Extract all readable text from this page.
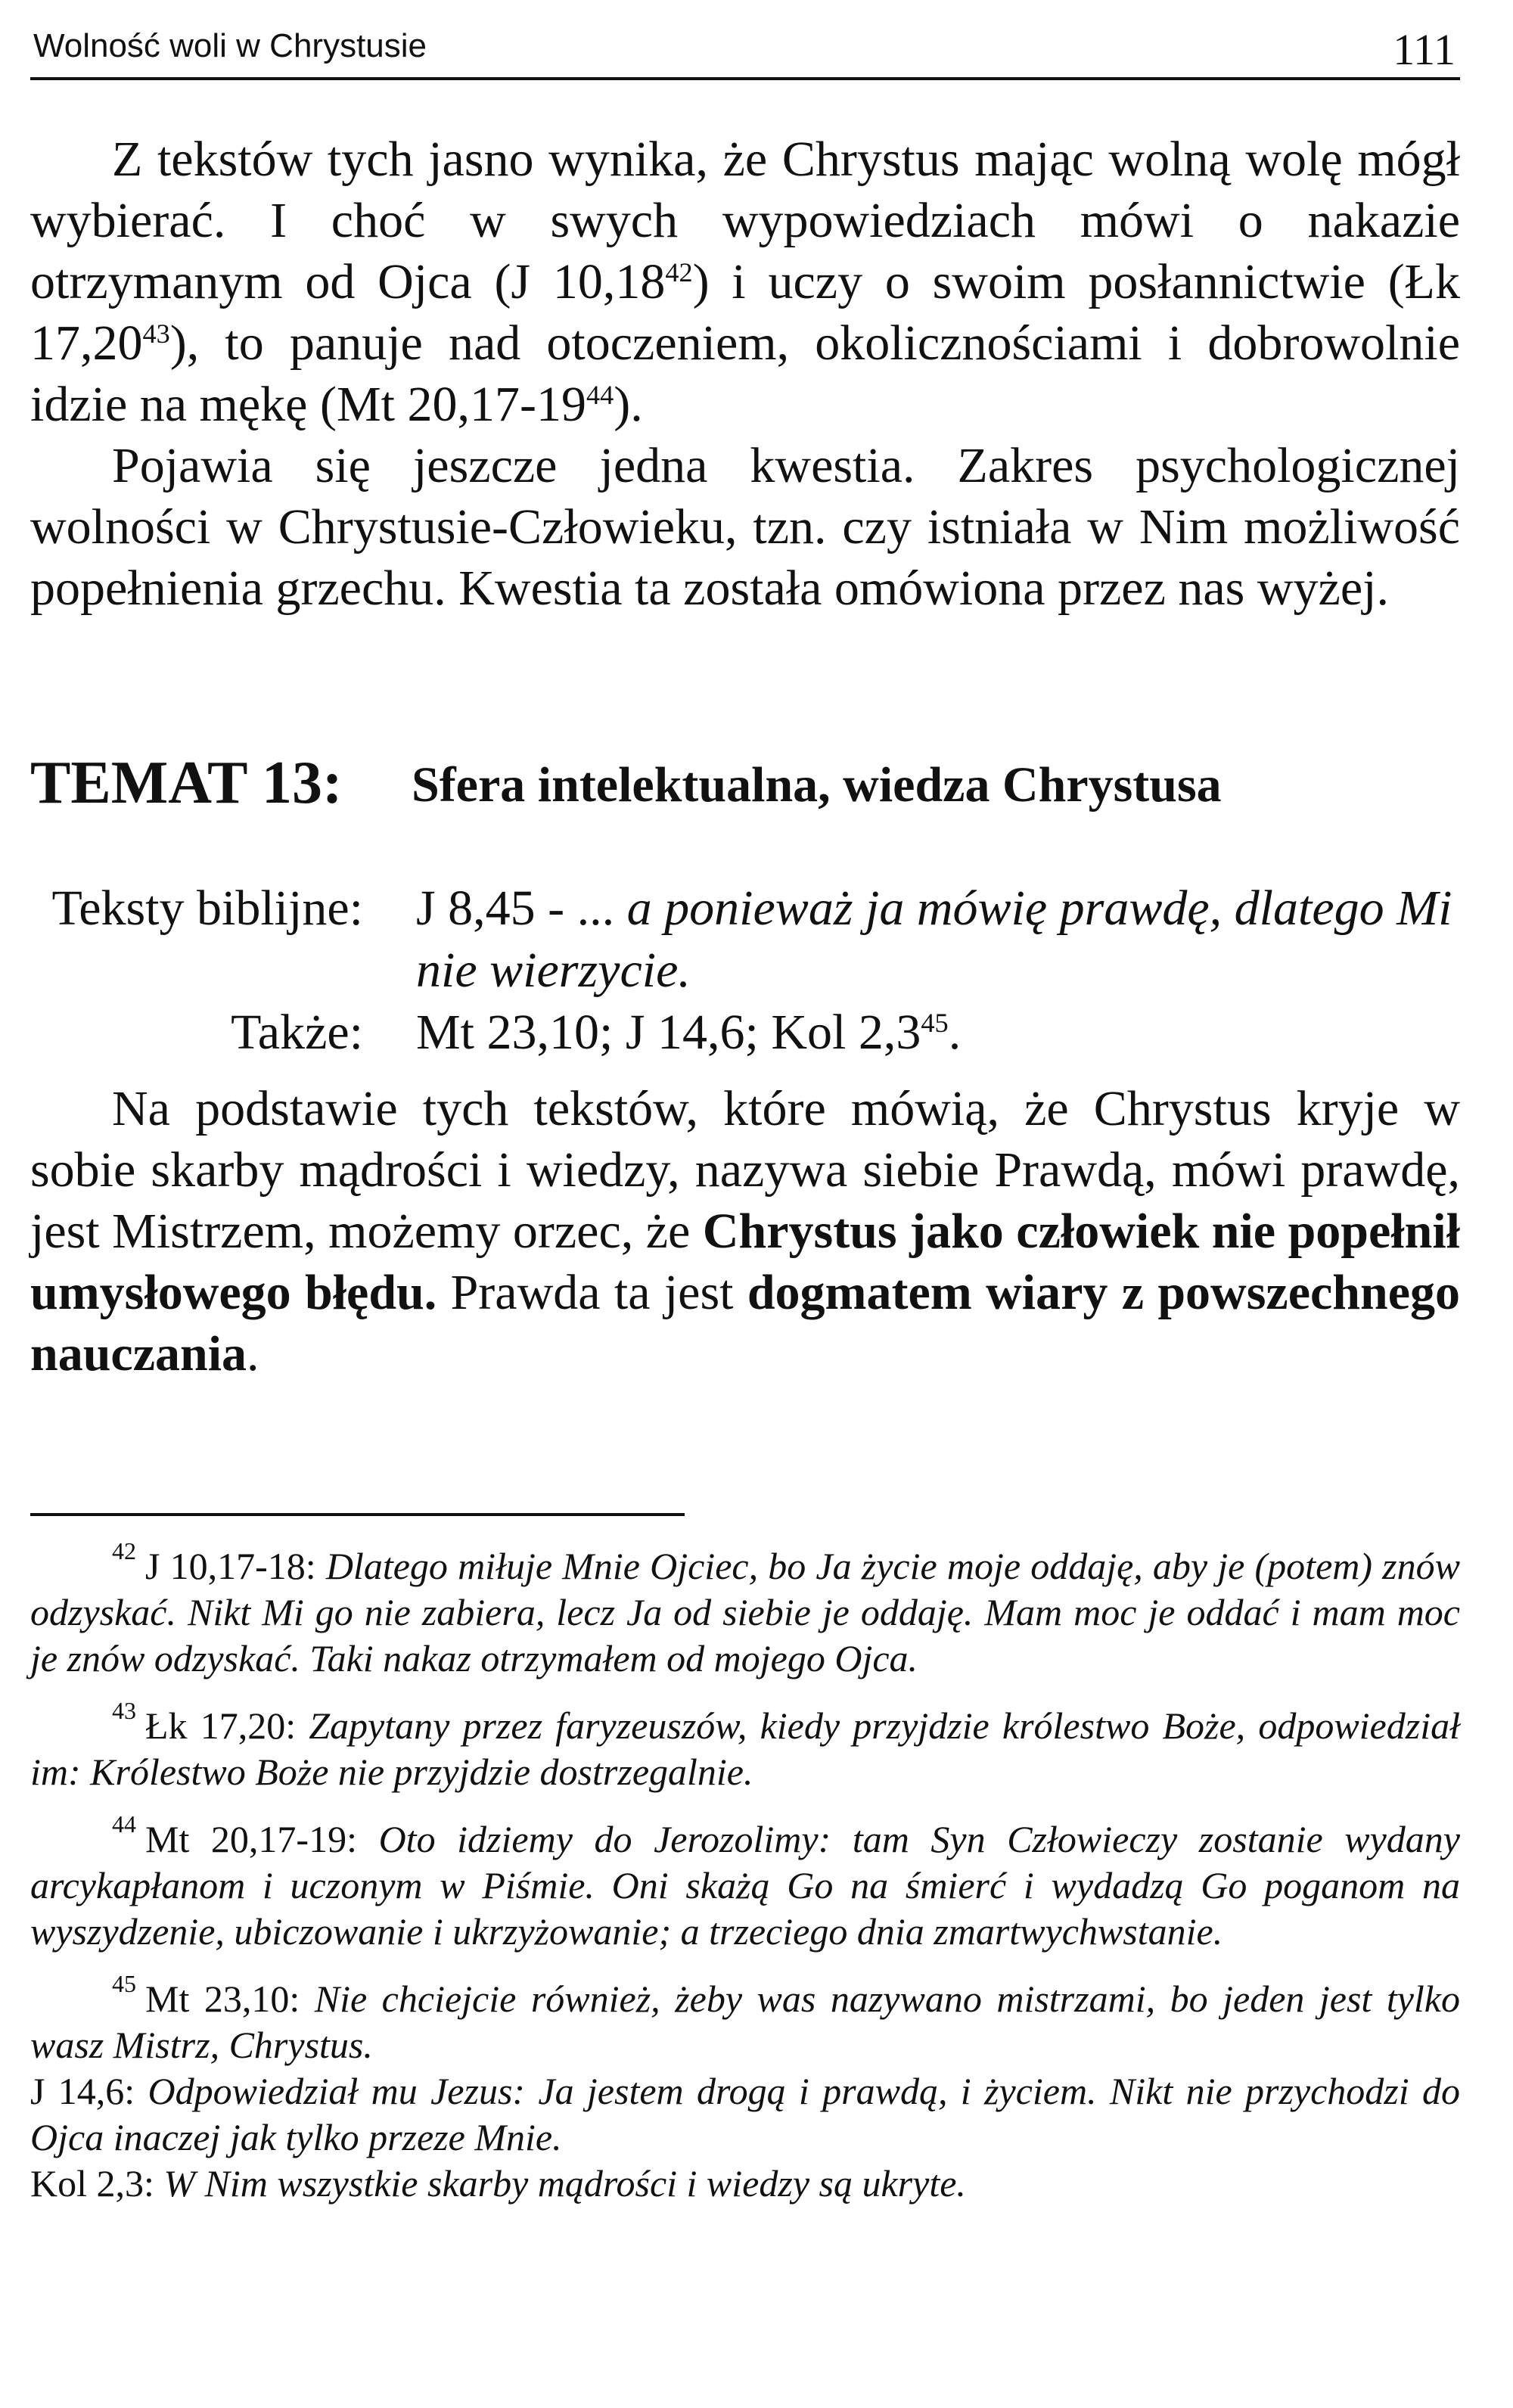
Wolność woli w Chrystusie	111

Z tekstów tych jasno wynika, że Chrystus mając wolną wolę mógł wybierać. I choć w swych wypowiedziach mówi o nakazie otrzymanym od Ojca (J 10,18$^{42}$) i uczy o swoim posłannictwie (Łk 17,20$^{43}$), to panuje nad otoczeniem, okolicznościami i dobrowolnie idzie na mękę (Mt $20,17-19^{44}$).

Pojawia się jeszcze jedna kwestia. Zakres psychologicznej wolności w Chrystusie-Człowieku, tzn. czy istniała w Nim możliwość popełnienia grzechu. Kwestia ta została omówiona przez nas wyżej.

TEMAT 13: Sfera intelektualna, wiedza Chrystusa
Teksty biblijne: J 8,45 - ... a ponieważ ja mówię prawdę, dlatego Mi nie wierzycie.
Także: Mt 23,10; J 14,6; Kol $2,3^{45}$.

Na podstawie tych tekstów, które mówią, że Chrystus kryje w sobie skarby mądrości i wiedzy, nazywa siebie Prawdą, mówi prawdę, jest Mistrzem, możemy orzec, że Chrystus jako człowiek nie popełnił umysłowego błędu. Prawda ta jest dogmatem wiary z powszechnego nauczania.

$^{42}$ J 10,17-18: Dlatego miłuje Mnie Ojciec, bo Ja życie moje oddaję, aby je (potem) znów odzyskać. Nikt Mi go nie zabiera, lecz Ja od siebie je oddaję. Mam moc je oddać i mam moc je znów odzyskać. Taki nakaz otrzymałem od mojego Ojca.

$^{43}$ Łk 17,20: Zapytany przez faryzeuszów, kiedy przyjdzie królestwo Boże, odpowiedział im: Królestwo Boże nie przyjdzie dostrzegalnie.

$^{44}$ Mt 20,17-19: Oto idziemy do Jerozolimy: tam Syn Człowieczy zostanie wydany arcykapłanom i uczonym w Piśmie. Oni skażą Go na śmierć i wydadzą Go poganom na wyszydzenie, ubiczowanie i ukrzyżowanie; a trzeciego dnia zmartwychwstanie.

$^{45}$ Mt 23,10: Nie chciejcie również, żeby was nazywano mistrzami, bo jeden jest tylko wasz Mistrz, Chrystus.

J 14,6: Odpowiedział mu Jezus: Ja jestem drogą i prawdą, i życiem. Nikt nie przychodzi do Ojca inaczej jak tylko przeze Mnie.

Kol 2,3: W Nim wszystkie skarby mądrości i wiedzy są ukryte.
